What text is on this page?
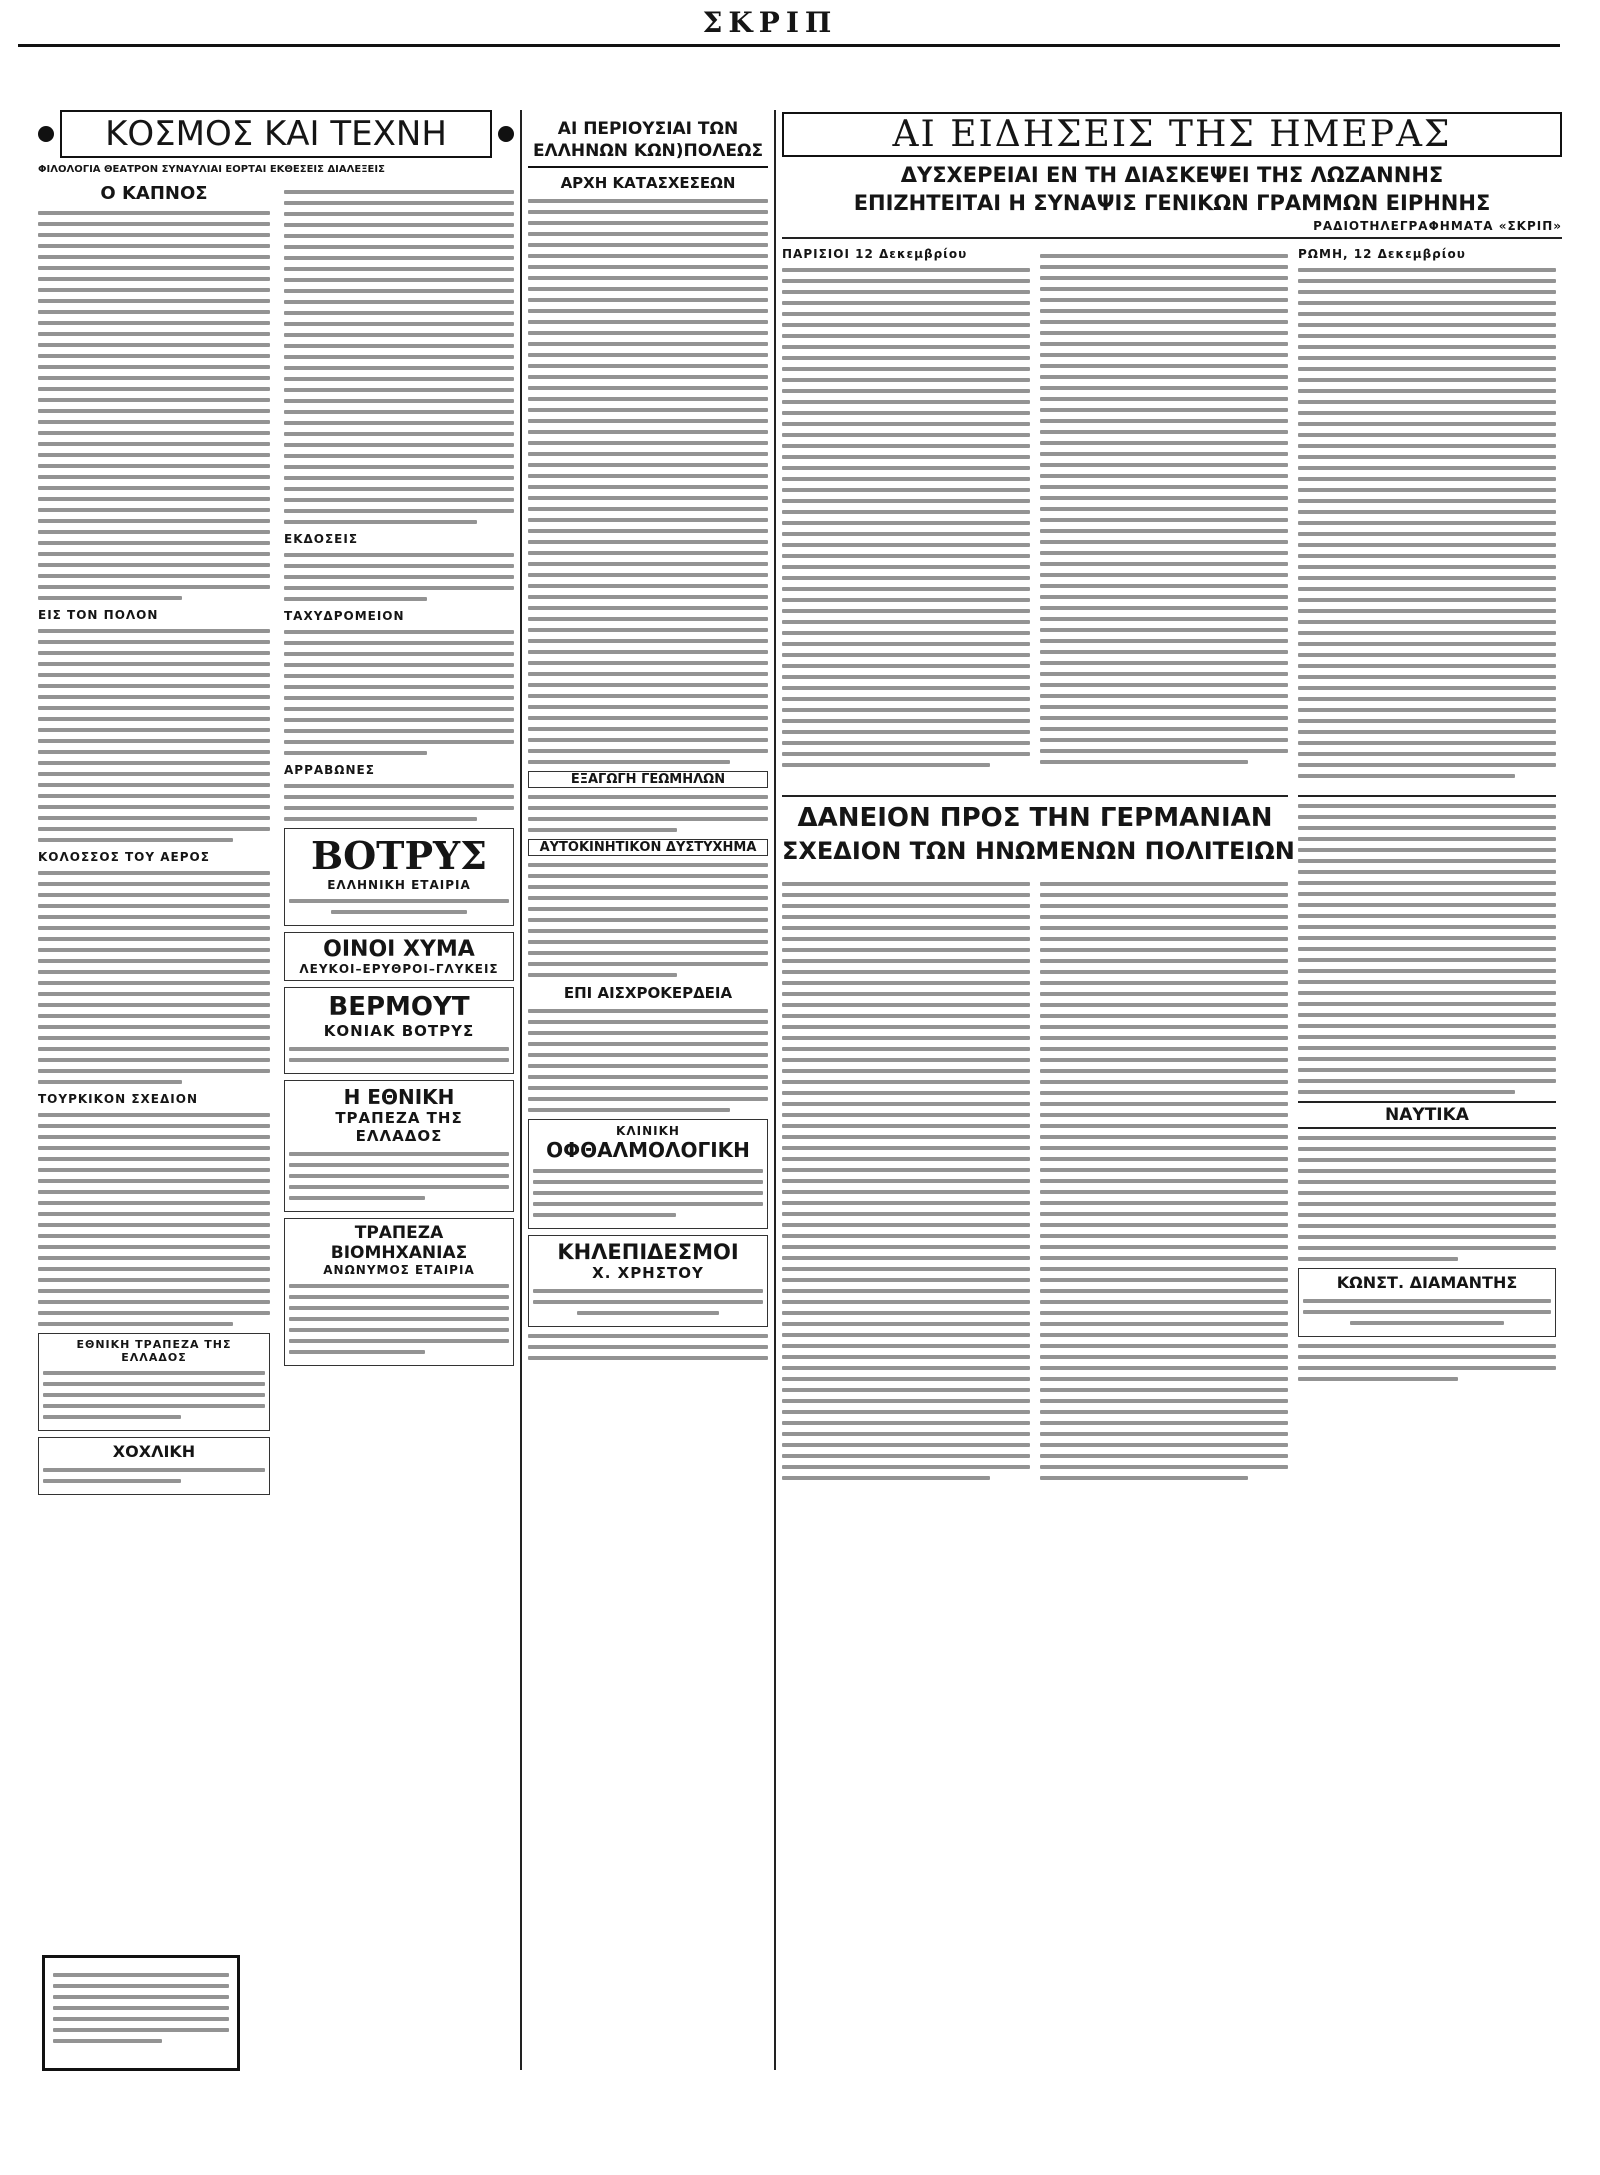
ΣΚΡΙΠ
ΚΟΣΜΟΣ ΚΑΙ ΤΕΧΝΗ
ΦΙΛΟΛΟΓΙΑ ΘΕΑΤΡΟΝ ΣΥΝΑΥΛΙΑΙ ΕΟΡΤΑΙ ΕΚΘΕΣΕΙΣ ΔΙΑΛΕΞΕΙΣ
Ο ΚΑΠΝΟΣ
ΕΙΣ ΤΟΝ ΠΟΛΟΝ
ΚΟΛΟΣΣΟΣ ΤΟΥ ΑΕΡΟΣ
ΤΟΥΡΚΙΚΟΝ ΣΧΕΔΙΟΝ
ΕΘΝΙΚΗ ΤΡΑΠΕΖΑ ΤΗΣ ΕΛΛΑΔΟΣ
ΧΟΧΛΙΚΗ
ΕΚΔΟΣΕΙΣ
ΤΑΧΥΔΡΟΜΕΙΟΝ
ΑΡΡΑΒΩΝΕΣ
ΒΟΤΡΥΣ
ΕΛΛΗΝΙΚΗ ΕΤΑΙΡΙΑ
ΟΙΝΟΙ ΧΥΜΑ
ΛΕΥΚΟΙ–ΕΡΥΘΡΟΙ–ΓΛΥΚΕΙΣ
ΒΕΡΜΟΥΤ
ΚΟΝΙΑΚ ΒΟΤΡΥΣ
Η ΕΘΝΙΚΗ
ΤΡΑΠΕΖΑ ΤΗΣ ΕΛΛΑΔΟΣ
ΤΡΑΠΕΖΑ ΒΙΟΜΗΧΑΝΙΑΣ
ΑΝΩΝΥΜΟΣ ΕΤΑΙΡΙΑ
ΑΙ ΠΕΡΙΟΥΣΙΑΙ ΤΩΝ ΕΛΛΗΝΩΝ ΚΩΝ)ΠΟΛΕΩΣ
ΑΡΧΗ ΚΑΤΑΣΧΕΣΕΩΝ
ΕΞΑΓΩΓΗ ΓΕΩΜΗΛΩΝ
ΑΥΤΟΚΙΝΗΤΙΚΟΝ ΔΥΣΤΥΧΗΜΑ
ΕΠΙ ΑΙΣΧΡΟΚΕΡΔΕΙΑ
ΚΛΙΝΙΚΗ
ΟΦΘΑΛΜΟΛΟΓΙΚΗ
ΚΗΛΕΠΙΔΕΣΜΟΙ
Χ. ΧΡΗΣΤΟΥ
ΑΙ ΕΙΔΗΣΕΙΣ ΤΗΣ ΗΜΕΡΑΣ
ΔΥΣΧΕΡΕΙΑΙ ΕΝ ΤΗ ΔΙΑΣΚΕΨΕΙ ΤΗΣ ΛΩΖΑΝΝΗΣ
ΕΠΙΖΗΤΕΙΤΑΙ Η ΣΥΝΑΨΙΣ ΓΕΝΙΚΩΝ ΓΡΑΜΜΩΝ ΕΙΡΗΝΗΣ
ΡΑΔΙΟΤΗΛΕΓΡΑΦΗΜΑΤΑ «ΣΚΡΙΠ»
ΠΑΡΙΣΙΟΙ 12 Δεκεμβρίου	ΡΩΜΗ, 12 Δεκεμβρίου
ΔΑΝΕΙΟΝ ΠΡΟΣ ΤΗΝ ΓΕΡΜΑΝΙΑΝ
ΣΧΕΔΙΟΝ ΤΩΝ ΗΝΩΜΕΝΩΝ ΠΟΛΙΤΕΙΩΝ
ΝΑΥΤΙΚΑ
ΚΩΝΣΤ. ΔΙΑΜΑΝΤΗΣ
